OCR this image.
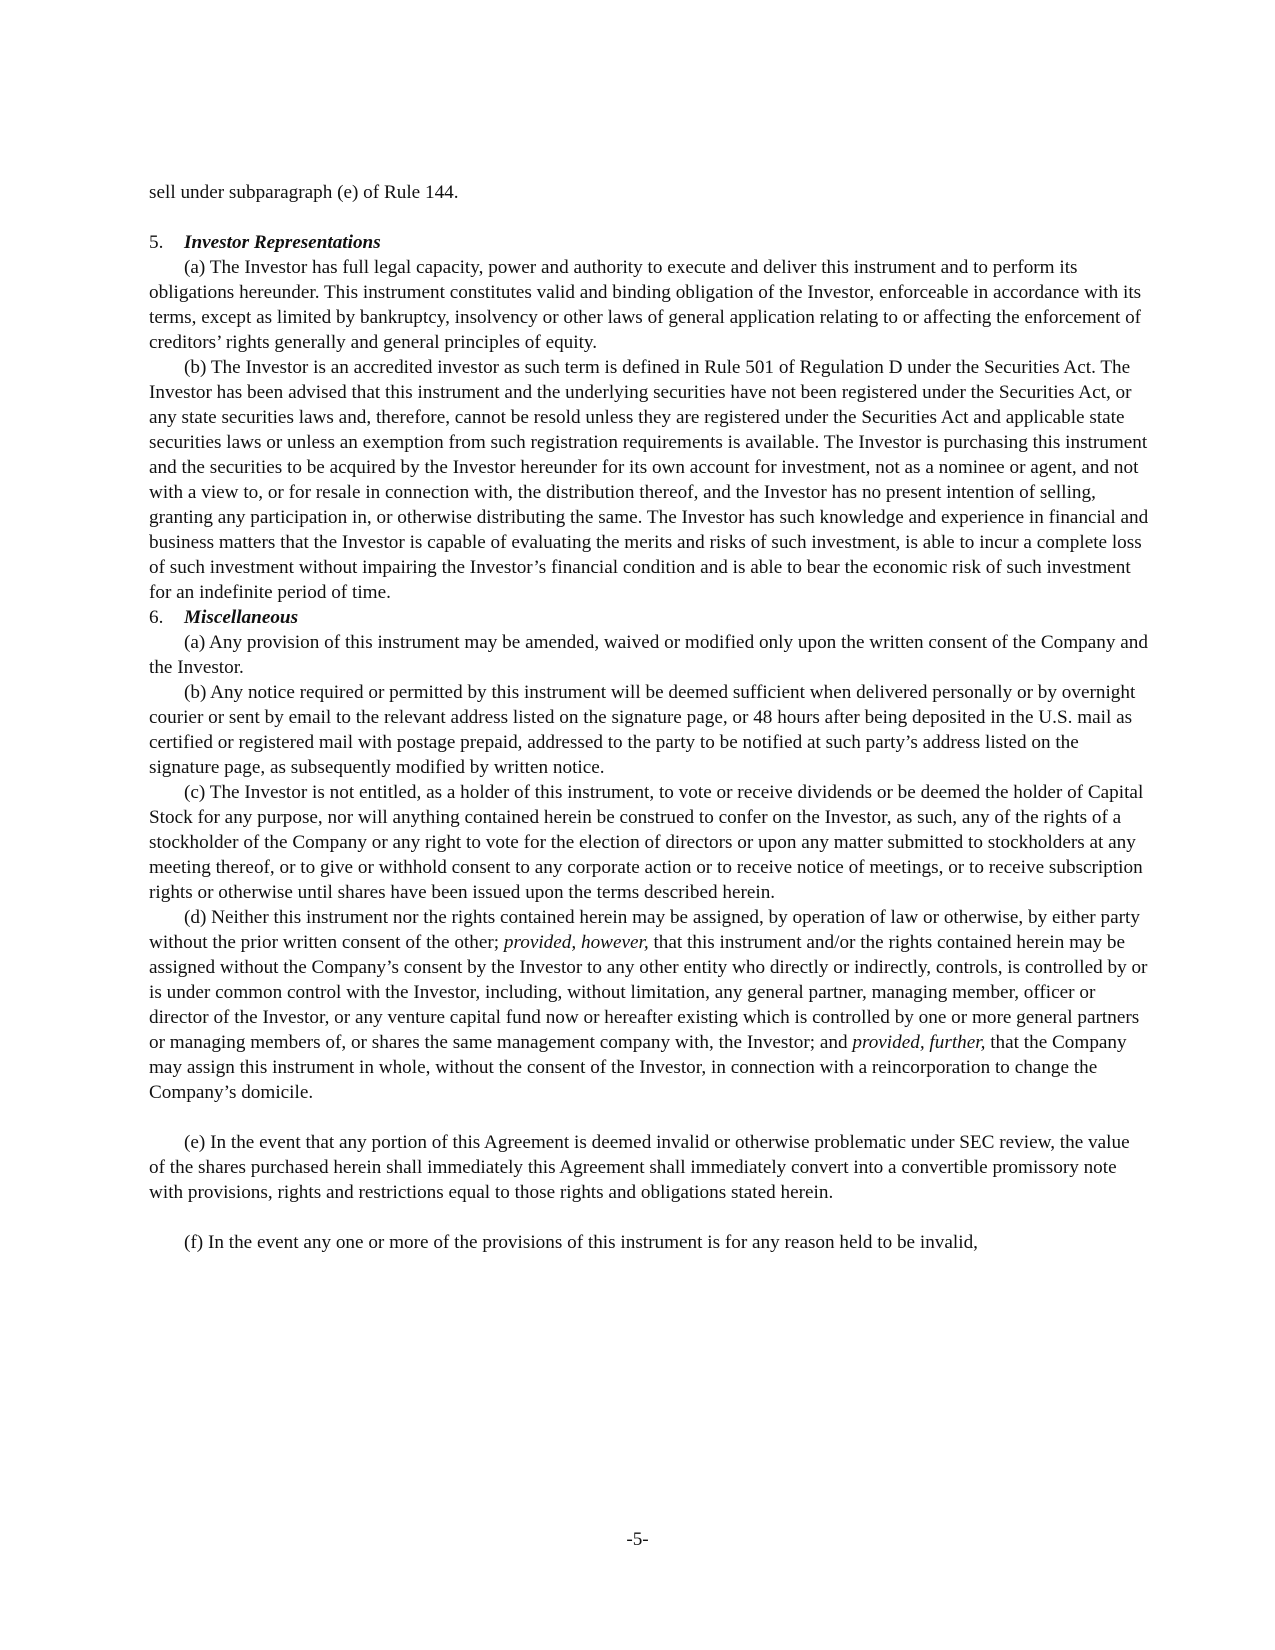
sell under subparagraph (e) of Rule 144.

5.	Investor Representations

(a) The Investor has full legal capacity, power and authority to execute and deliver this instrument and to perform its obligations hereunder. This instrument constitutes valid and binding obligation of the Investor, enforceable in accordance with its terms, except as limited by bankruptcy, insolvency or other laws of general application relating to or affecting the enforcement of creditors’ rights generally and general principles of equity.

(b) The Investor is an accredited investor as such term is defined in Rule 501 of Regulation D under the Securities Act. The Investor has been advised that this instrument and the underlying securities have not been registered under the Securities Act, or any state securities laws and, therefore, cannot be resold unless they are registered under the Securities Act and applicable state securities laws or unless an exemption from such registration requirements is available. The Investor is purchasing this instrument and the securities to be acquired by the Investor hereunder for its own account for investment, not as a nominee or agent, and not with a view to, or for resale in connection with, the distribution thereof, and the Investor has no present intention of selling, granting any participation in, or otherwise distributing the same. The Investor has such knowledge and experience in financial and business matters that the Investor is capable of evaluating the merits and risks of such investment, is able to incur a complete loss of such investment without impairing the Investor’s financial condition and is able to bear the economic risk of such investment for an indefinite period of time.

6.	Miscellaneous

(a) Any provision of this instrument may be amended, waived or modified only upon the written consent of the Company and the Investor.

(b) Any notice required or permitted by this instrument will be deemed sufficient when delivered personally or by overnight courier or sent by email to the relevant address listed on the signature page, or 48 hours after being deposited in the U.S. mail as certified or registered mail with postage prepaid, addressed to the party to be notified at such party’s address listed on the signature page, as subsequently modified by written notice.

(c) The Investor is not entitled, as a holder of this instrument, to vote or receive dividends or be deemed the holder of Capital Stock for any purpose, nor will anything contained herein be construed to confer on the Investor, as such, any of the rights of a stockholder of the Company or any right to vote for the election of directors or upon any matter submitted to stockholders at any meeting thereof, or to give or withhold consent to any corporate action or to receive notice of meetings, or to receive subscription rights or otherwise until shares have been issued upon the terms described herein.

(d) Neither this instrument nor the rights contained herein may be assigned, by operation of law or otherwise, by either party without the prior written consent of the other; provided, however, that this instrument and/or the rights contained herein may be assigned without the Company’s consent by the Investor to any other entity who directly or indirectly, controls, is controlled by or is under common control with the Investor, including, without limitation, any general partner, managing member, officer or director of the Investor, or any venture capital fund now or hereafter existing which is controlled by one or more general partners or managing members of, or shares the same management company with, the Investor; and provided, further, that the Company may assign this instrument in whole, without the consent of the Investor, in connection with a reincorporation to change the Company’s domicile.

(e) In the event that any portion of this Agreement is deemed invalid or otherwise problematic under SEC review, the value of the shares purchased herein shall immediately this Agreement shall immediately convert into a convertible promissory note with provisions, rights and restrictions equal to those rights and obligations stated herein.

(f) In the event any one or more of the provisions of this instrument is for any reason held to be invalid,

-5-
